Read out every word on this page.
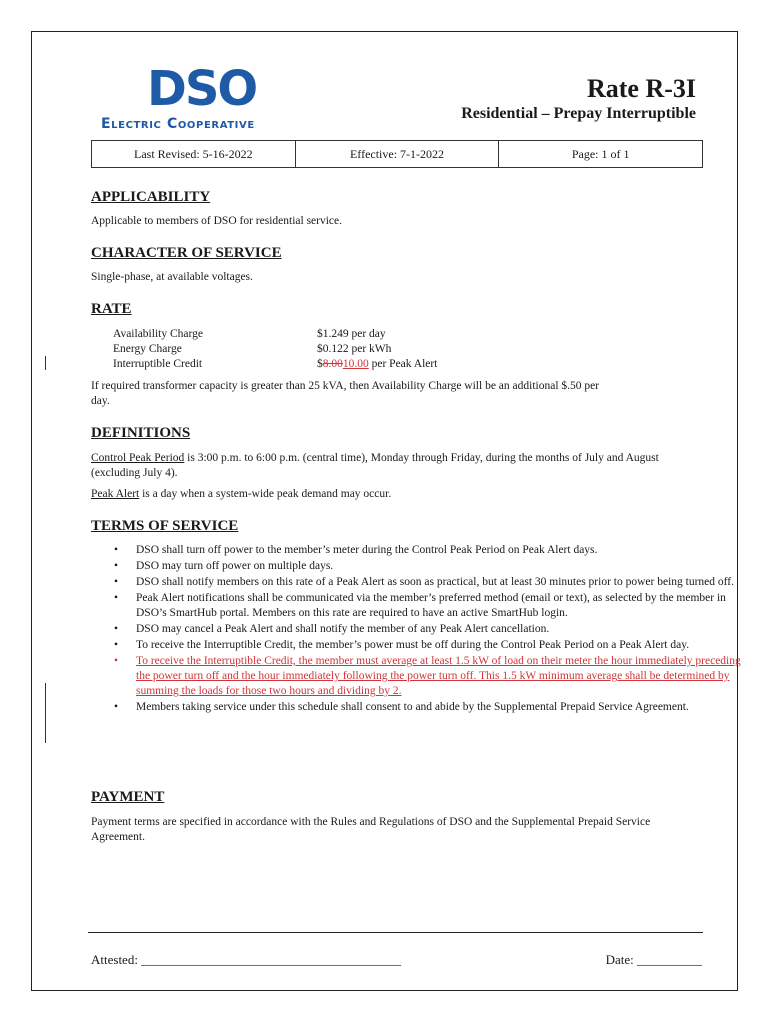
DSO
Electric Cooperative
Rate R-3I
Residential – Prepay Interruptible
Last Revised: 5-16-2022	Effective: 7-1-2022	Page: 1 of 1
APPLICABILITY
Applicable to members of DSO for residential service.
CHARACTER OF SERVICE
Single-phase, at available voltages.
RATE
Availability Charge	$1.249 per day
Energy Charge	$0.122 per kWh
Interruptible Credit	$8.0010.00 per Peak Alert
If required transformer capacity is greater than 25 kVA, then Availability Charge will be an additional $.50 per day.
DEFINITIONS
Control Peak Period is 3:00 p.m. to 6:00 p.m. (central time), Monday through Friday, during the months of July and August (excluding July 4).
Peak Alert is a day when a system-wide peak demand may occur.
TERMS OF SERVICE
• DSO shall turn off power to the member’s meter during the Control Peak Period on Peak Alert days.
• DSO may turn off power on multiple days.
• DSO shall notify members on this rate of a Peak Alert as soon as practical, but at least 30 minutes prior to power being turned off.
• Peak Alert notifications shall be communicated via the member’s preferred method (email or text), as selected by the member in DSO’s SmartHub portal. Members on this rate are required to have an active SmartHub login.
• DSO may cancel a Peak Alert and shall notify the member of any Peak Alert cancellation.
• To receive the Interruptible Credit, the member’s power must be off during the Control Peak Period on a Peak Alert day.
• To receive the Interruptible Credit, the member must average at least 1.5 kW of load on their meter the hour immediately preceding the power turn off and the hour immediately following the power turn off. This 1.5 kW minimum average shall be determined by summing the loads for those two hours and dividing by 2.
• Members taking service under this schedule shall consent to and abide by the Supplemental Prepaid Service Agreement.
PAYMENT
Payment terms are specified in accordance with the Rules and Regulations of DSO and the Supplemental Prepaid Service Agreement.
Attested: ________________________________________	Date: __________
